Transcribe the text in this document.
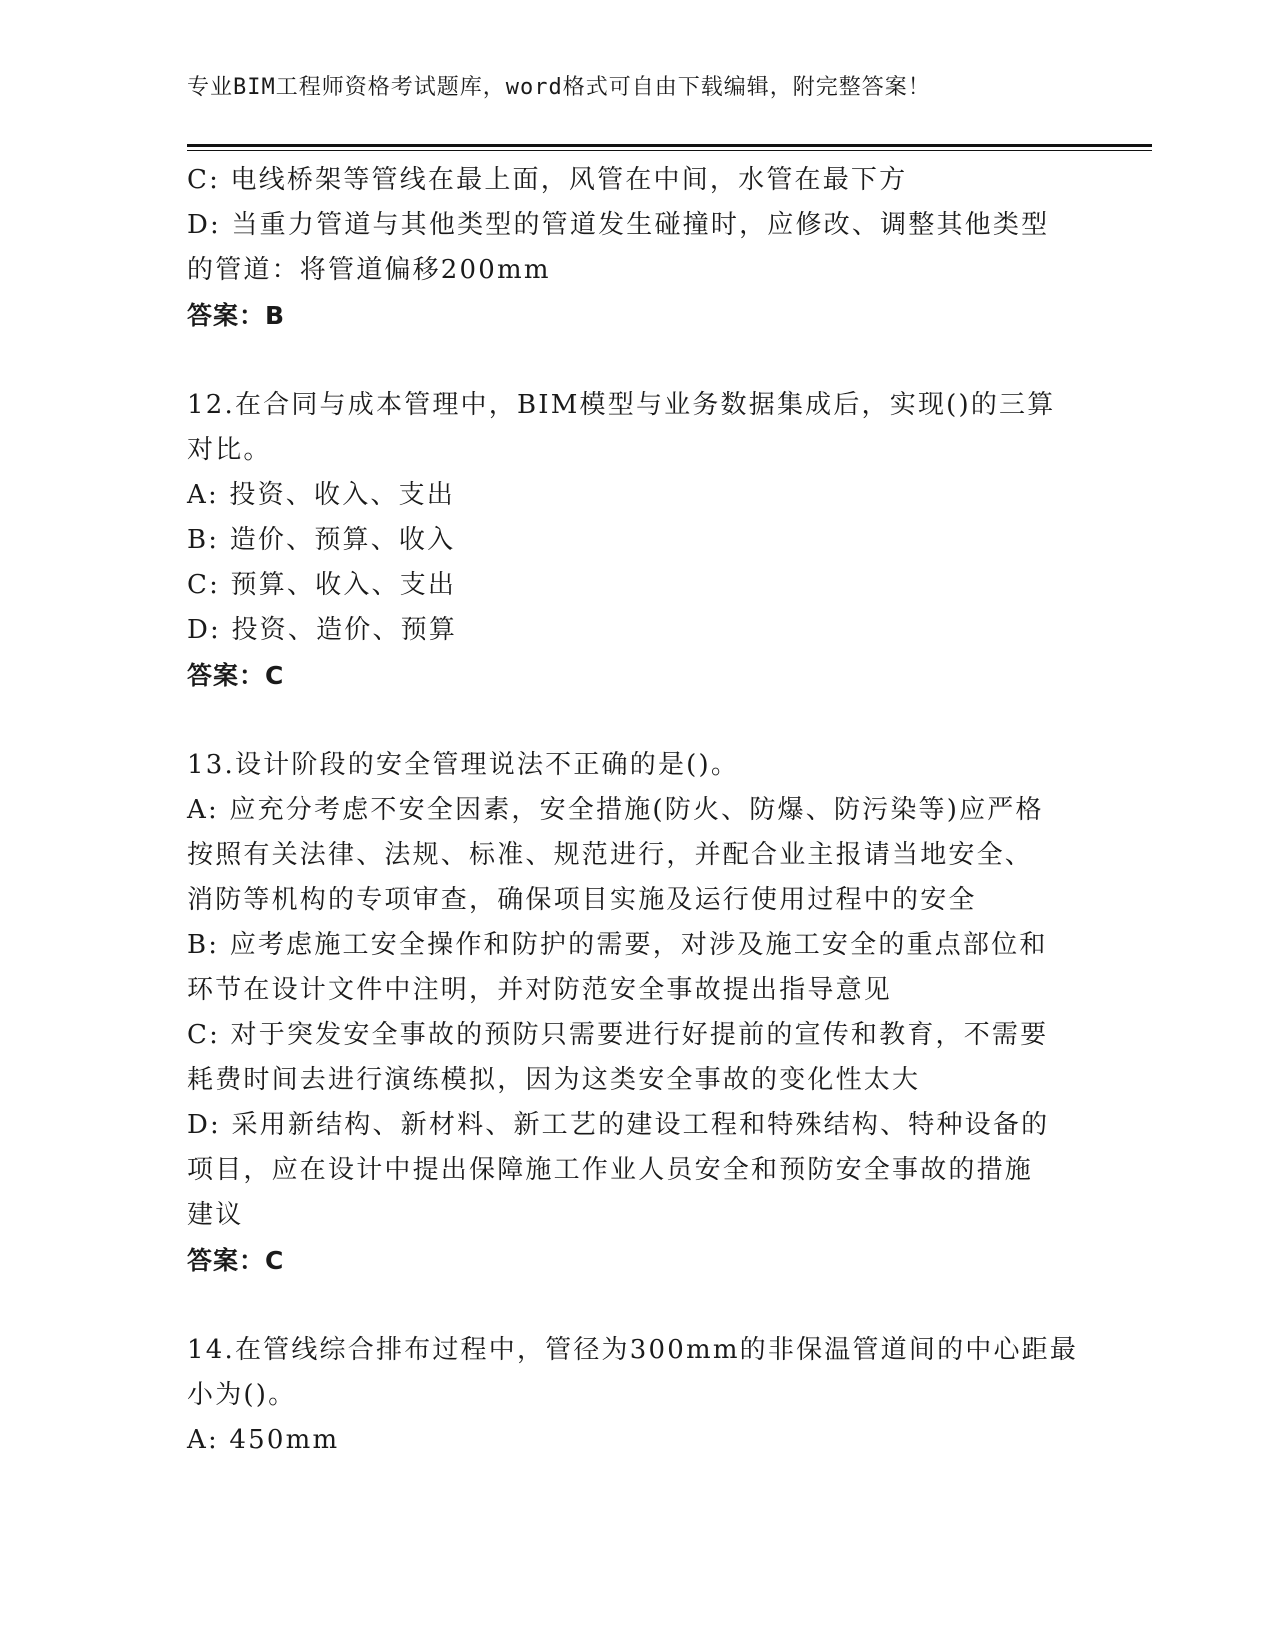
专业BIM工程师资格考试题库，word格式可自由下载编辑，附完整答案！
C: 电线桥架等管线在最上面，风管在中间，水管在最下方
D: 当重力管道与其他类型的管道发生碰撞时，应修改、调整其他类型
的管道：将管道偏移200mm
答案：B
12.在合同与成本管理中，BIM模型与业务数据集成后，实现()的三算
对比。
A: 投资、收入、支出
B: 造价、预算、收入
C: 预算、收入、支出
D: 投资、造价、预算
答案：C
13.设计阶段的安全管理说法不正确的是()。
A: 应充分考虑不安全因素，安全措施(防火、防爆、防污染等)应严格
按照有关法律、法规、标准、规范进行，并配合业主报请当地安全、
消防等机构的专项审查，确保项目实施及运行使用过程中的安全
B: 应考虑施工安全操作和防护的需要，对涉及施工安全的重点部位和
环节在设计文件中注明，并对防范安全事故提出指导意见
C: 对于突发安全事故的预防只需要进行好提前的宣传和教育，不需要
耗费时间去进行演练模拟，因为这类安全事故的变化性太大
D: 采用新结构、新材料、新工艺的建设工程和特殊结构、特种设备的
项目，应在设计中提出保障施工作业人员安全和预防安全事故的措施
建议
答案：C
14.在管线综合排布过程中，管径为300mm的非保温管道间的中心距最
小为()。
A: 450mm
